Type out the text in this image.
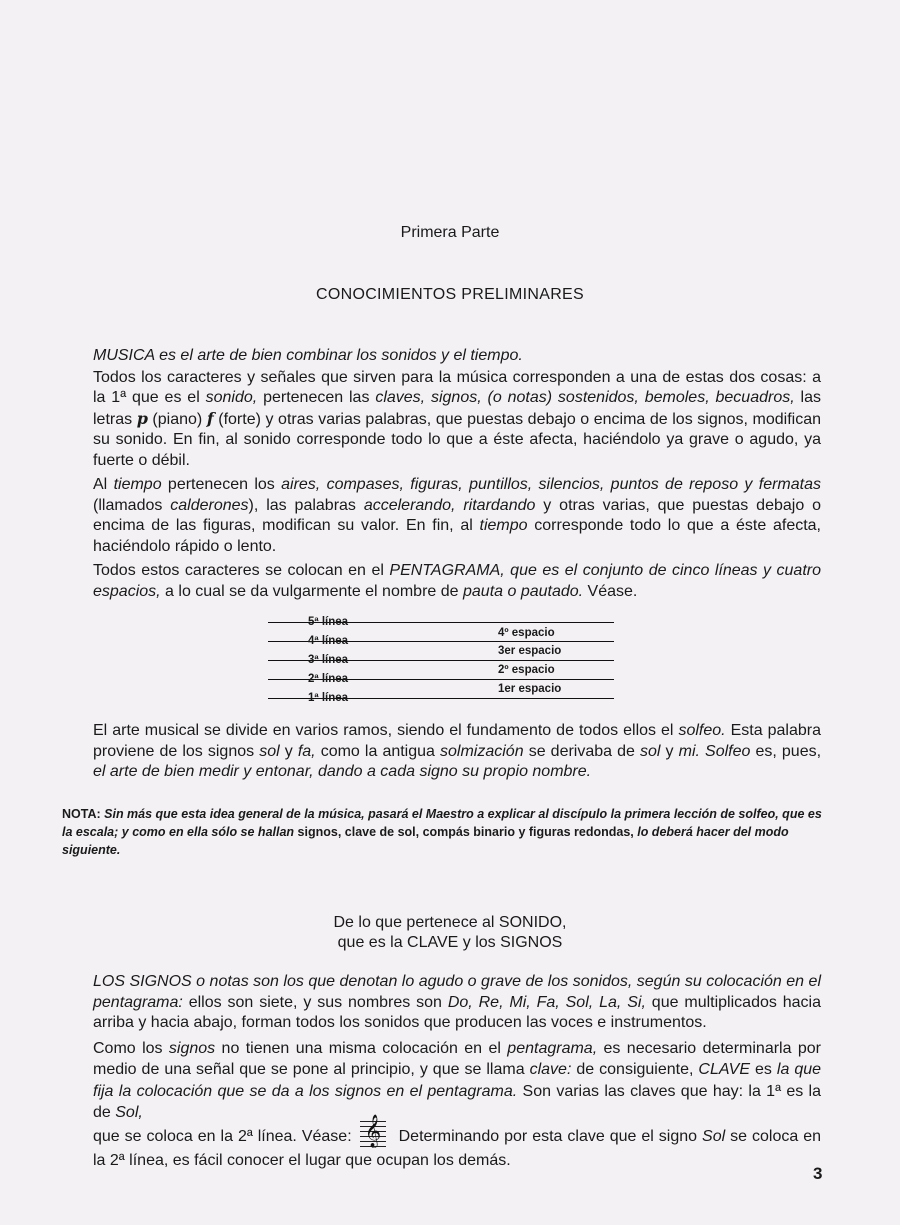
Primera Parte
CONOCIMIENTOS PRELIMINARES

MUSICA es el arte de bien combinar los sonidos y el tiempo.

Todos los caracteres y señales que sirven para la música corresponden a una de estas dos cosas: a la 1ª que es el sonido, pertenecen las claves, signos, (o notas) sostenidos, bemoles, becuadros, las letras p (piano) f (forte) y otras varias palabras, que puestas debajo o encima de los signos, modifican su sonido. En fin, al sonido corresponde todo lo que a éste afecta, haciéndolo ya grave o agudo, ya fuerte o débil.

Al tiempo pertenecen los aires, compases, figuras, puntillos, silencios, puntos de reposo y fermatas (llamados calderones), las palabras accelerando, ritardando y otras varias, que puestas debajo o encima de las figuras, modifican su valor. En fin, al tiempo corresponde todo lo que a éste afecta, haciéndolo rápido o lento.

Todos estos caracteres se colocan en el PENTAGRAMA, que es el conjunto de cinco líneas y cuatro espacios, a lo cual se da vulgarmente el nombre de pauta o pautado. Véase.

5ª línea
4ª línea
3ª línea
2ª línea
1ª línea
4º espacio
3er espacio
2º espacio
1er espacio

El arte musical se divide en varios ramos, siendo el fundamento de todos ellos el solfeo. Esta palabra proviene de los signos sol y fa, como la antigua solmización se derivaba de sol y mi. Solfeo es, pues, el arte de bien medir y entonar, dando a cada signo su propio nombre.

NOTA: Sin más que esta idea general de la música, pasará el Maestro a explicar al discípulo la primera lección de solfeo, que es la escala; y como en ella sólo se hallan signos, clave de sol, compás binario y figuras redondas, lo deberá hacer del modo siguiente.
De lo que pertenece al SONIDO,
que es la CLAVE y los SIGNOS

LOS SIGNOS o notas son los que denotan lo agudo o grave de los sonidos, según su colocación en el pentagrama: ellos son siete, y sus nombres son Do, Re, Mi, Fa, Sol, La, Si, que multiplicados hacia arriba y hacia abajo, forman todos los sonidos que producen las voces e instrumentos.

Como los signos no tienen una misma colocación en el pentagrama, es necesario determinarla por medio de una señal que se pone al principio, y que se llama clave: de consiguiente, CLAVE es la que fija la colocación que se da a los signos en el pentagrama. Son varias las claves que hay: la 1ª es la de Sol,
que se coloca en la 2ª línea. Véase: 𝄞 Determinando por esta clave que el signo Sol se coloca en la 2ª línea, es fácil conocer el lugar que ocupan los demás.

3
